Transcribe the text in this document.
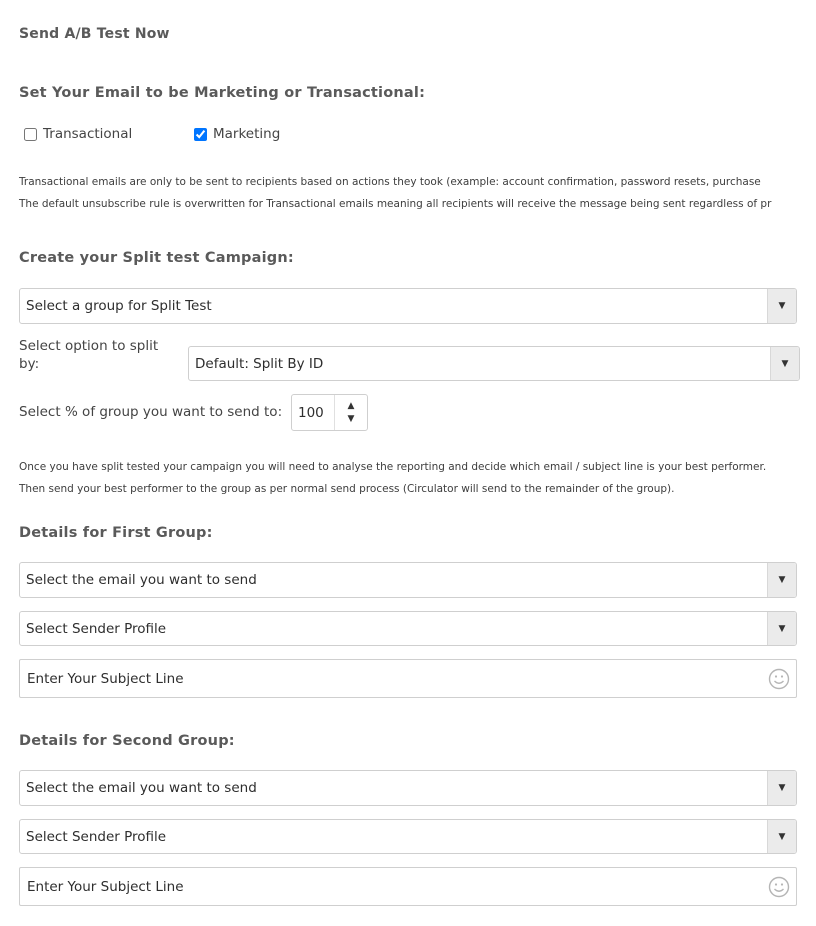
Send A/B Test Now
Set Your Email to be Marketing or Transactional:
Transactional	Marketing
Transactional emails are only to be sent to recipients based on actions they took (example: account confirmation, password resets, purchase
The default unsubscribe rule is overwritten for Transactional emails meaning all recipients will receive the message being sent regardless of pr
Create your Split test Campaign:
Select a group for Split Test	▼
Select option to split by:	Default: Split By ID	▼
Select % of group you want to send to:	100	▲
▼
Once you have split tested your campaign you will need to analyse the reporting and decide which email / subject line is your best performer.
Then send your best performer to the group as per normal send process (Circulator will send to the remainder of the group).
Details for First Group:
Select the email you want to send	▼
Select Sender Profile	▼
Enter Your Subject Line
Details for Second Group:
Select the email you want to send	▼
Select Sender Profile	▼
Enter Your Subject Line
